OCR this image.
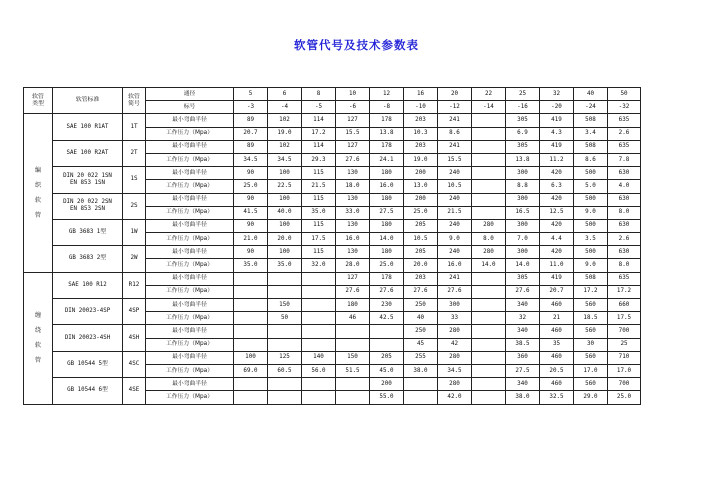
软管代号及技术参数表
软管
类型	软管标准	软管
简号	通径	5	6	8	10	12	16	20	22	25	32	40	50
			标号	-3	-4	-5	-6	-8	-10	-12	-14	-16	-20	-24	-32

编
织
软
管	SAE 100 R1AT	1T	最小弯曲半径	89	102	114	127	178	203	241		305	419	508	635
			工作压力（Mpa）	20.7	19.0	17.2	15.5	13.8	10.3	8.6		6.9	4.3	3.4	2.6

	SAE 100 R2AT	2T	最小弯曲半径	89	102	114	127	178	203	241		305	419	508	635
			工作压力（Mpa）	34.5	34.5	29.3	27.6	24.1	19.0	15.5		13.8	11.2	8.6	7.8

	DIN 20 022 1SN
EN 853 1SN	1S	最小弯曲半径	90	100	115	130	180	200	240		300	420	500	630
			工作压力（Mpa）	25.0	22.5	21.5	18.0	16.0	13.0	10.5		8.8	6.3	5.0	4.0

	DIN 20 022 2SN
EN 853 2SN	2S	最小弯曲半径	90	100	115	130	180	200	240		300	420	500	630
			工作压力（Mpa）	41.5	40.0	35.0	33.0	27.5	25.0	21.5		16.5	12.5	9.0	8.0

	GB 3683 1型	1W	最小弯曲半径	90	100	115	130	180	205	240	280	300	420	500	630
			工作压力（Mpa）	21.0	20.0	17.5	16.0	14.0	10.5	9.0	8.0	7.0	4.4	3.5	2.6

	GB 3683 2型	2W	最小弯曲半径	90	100	115	130	180	205	240	280	300	420	500	630
			工作压力（Mpa）	35.0	35.0	32.0	28.0	25.0	20.0	16.0	14.0	14.0	11.0	9.0	8.0

缠
绕
软
管	SAE 100 R12	R12	最小弯曲半径				127	178	203	241		305	419	508	635
			工作压力（Mpa）				27.6	27.6	27.6	27.6		27.6	20.7	17.2	17.2

	DIN 20023-4SP	4SP	最小弯曲半径		150		180	230	250	300		340	460	560	660
			工作压力（Mpa）		50		46	42.5	40	33		32	21	18.5	17.5

	DIN 20023-4SH	4SH	最小弯曲半径						250	280		340	460	560	700
			工作压力（Mpa）						45	42		38.5	35	30	25

	GB 10544 5型	4SC	最小弯曲半径	100	125	140	150	205	255	280		360	460	560	710
			工作压力（Mpa）	69.0	60.5	56.0	51.5	45.0	38.0	34.5		27.5	20.5	17.0	17.0

	GB 10544 6型	4SE	最小弯曲半径					200		280		340	460	560	700
			工作压力（Mpa）					55.0		42.0		38.0	32.5	29.0	25.0
